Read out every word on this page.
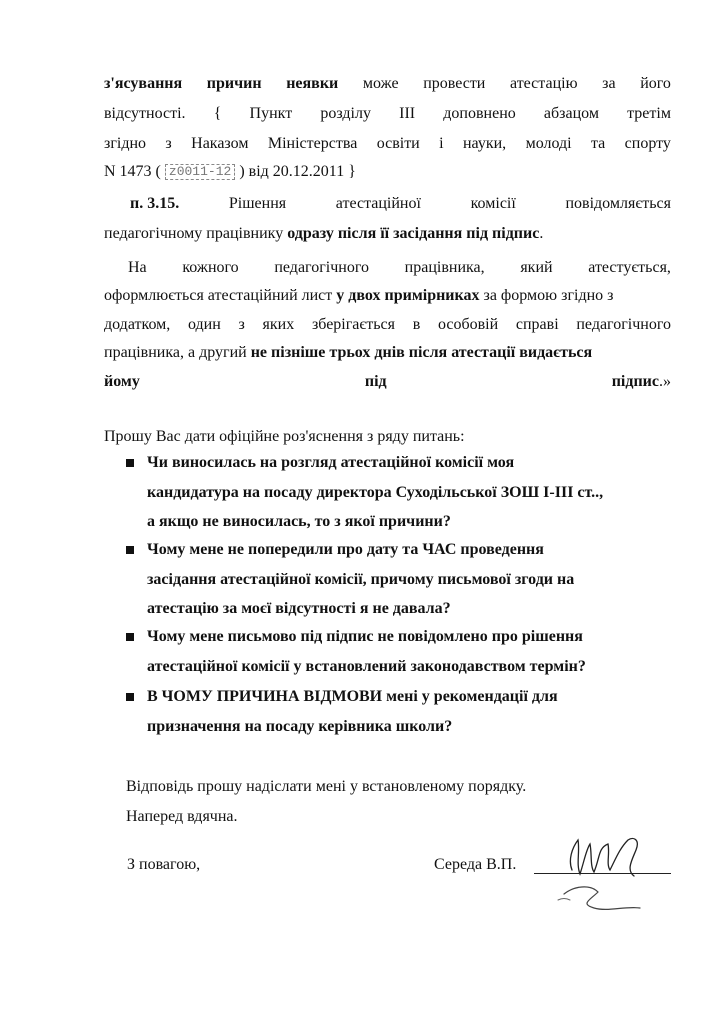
з'ясування причин неявки може провести атестацію за його
відсутності. { Пункт розділу III доповнено абзацом третім
згідно з Наказом Міністерства освіти і науки, молоді та спорту
N 1473 ( z0011-12 ) від 20.12.2011 }
п. 3.15.	Рішення	атестаційної	комісії	повідомляється
педагогічному працівнику одразу після її засідання під підпис.
На кожного педагогічного працівника, який атестується,
оформлюється атестаційний лист у двох примірниках за формою згідно з
додатком, один з яких зберігається в особовій справі педагогічного
працівника, а другий не пізніше трьох днів після атестації видається
йому	під	підпис.»
Прошу Вас дати офіційне роз'яснення з ряду питань:
Чи виносилась на розгляд атестаційної комісії моя
кандидатура на посаду директора Суходільської ЗОШ I-III ст..,
а якщо не виносилась, то з якої причини?
Чому мене не попередили про дату та ЧАС проведення
засідання атестаційної комісії, причому письмової згоди на
атестацію за моєї відсутності я не давала?
Чому мене письмово під підпис не повідомлено про рішення
атестаційної комісії у встановлений законодавством термін?
В ЧОМУ ПРИЧИНА ВІДМОВИ мені у рекомендації для
призначення на посаду керівника школи?
Відповідь прошу надіслати мені у встановленому порядку.
Наперед вдячна.
З повагою,	Середа В.П.
